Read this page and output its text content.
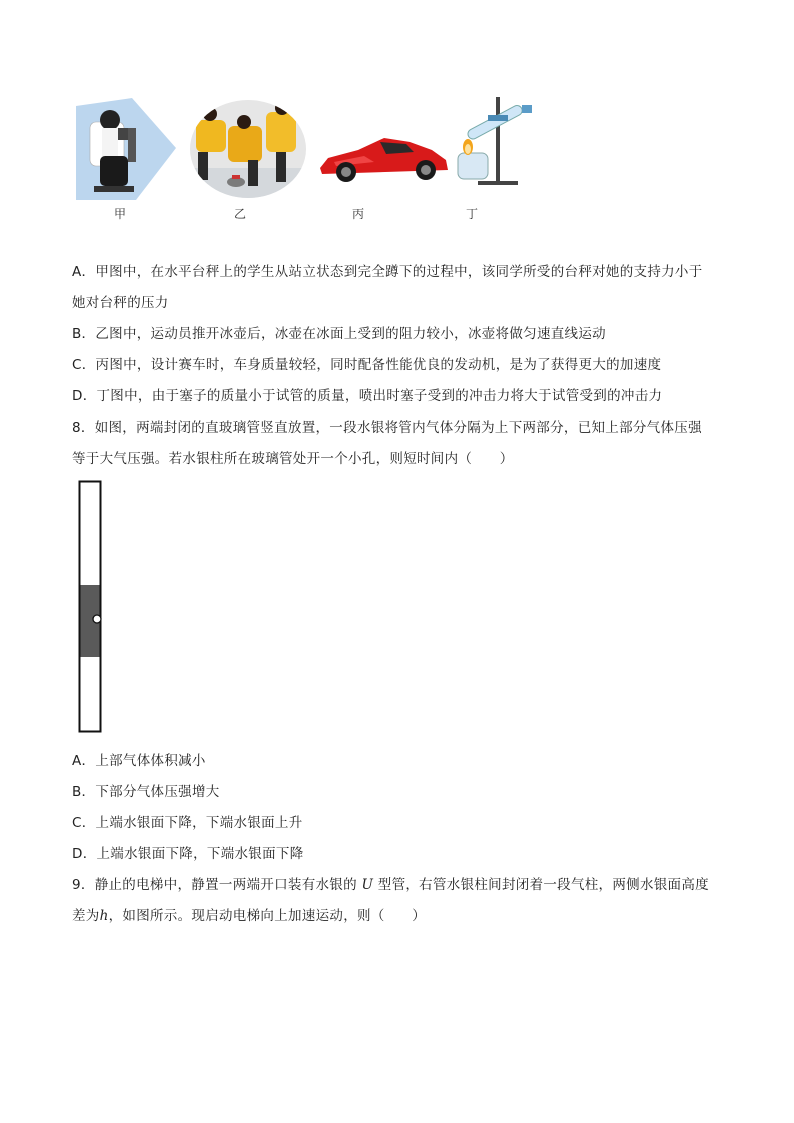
甲	乙	丙	丁
A．甲图中，在水平台秤上的学生从站立状态到完全蹲下的过程中，该同学所受的台秤对她的支持力小于
她对台秤的压力
B．乙图中，运动员推开冰壶后，冰壶在冰面上受到的阻力较小，冰壶将做匀速直线运动
C．丙图中，设计赛车时，车身质量较轻，同时配备性能优良的发动机，是为了获得更大的加速度
D．丁图中，由于塞子的质量小于试管的质量，喷出时塞子受到的冲击力将大于试管受到的冲击力
8．如图，两端封闭的直玻璃管竖直放置，一段水银将管内气体分隔为上下两部分，已知上部分气体压强
等于大气压强。若水银柱所在玻璃管处开一个小孔，则短时间内（　　）
A．上部气体体积减小
B．下部分气体压强增大
C．上端水银面下降，下端水银面上升
D．上端水银面下降，下端水银面下降
9．静止的电梯中，静置一两端开口装有水银的 U 型管，右管水银柱间封闭着一段气柱，两侧水银面高度
差为h，如图所示。现启动电梯向上加速运动，则（　　）
